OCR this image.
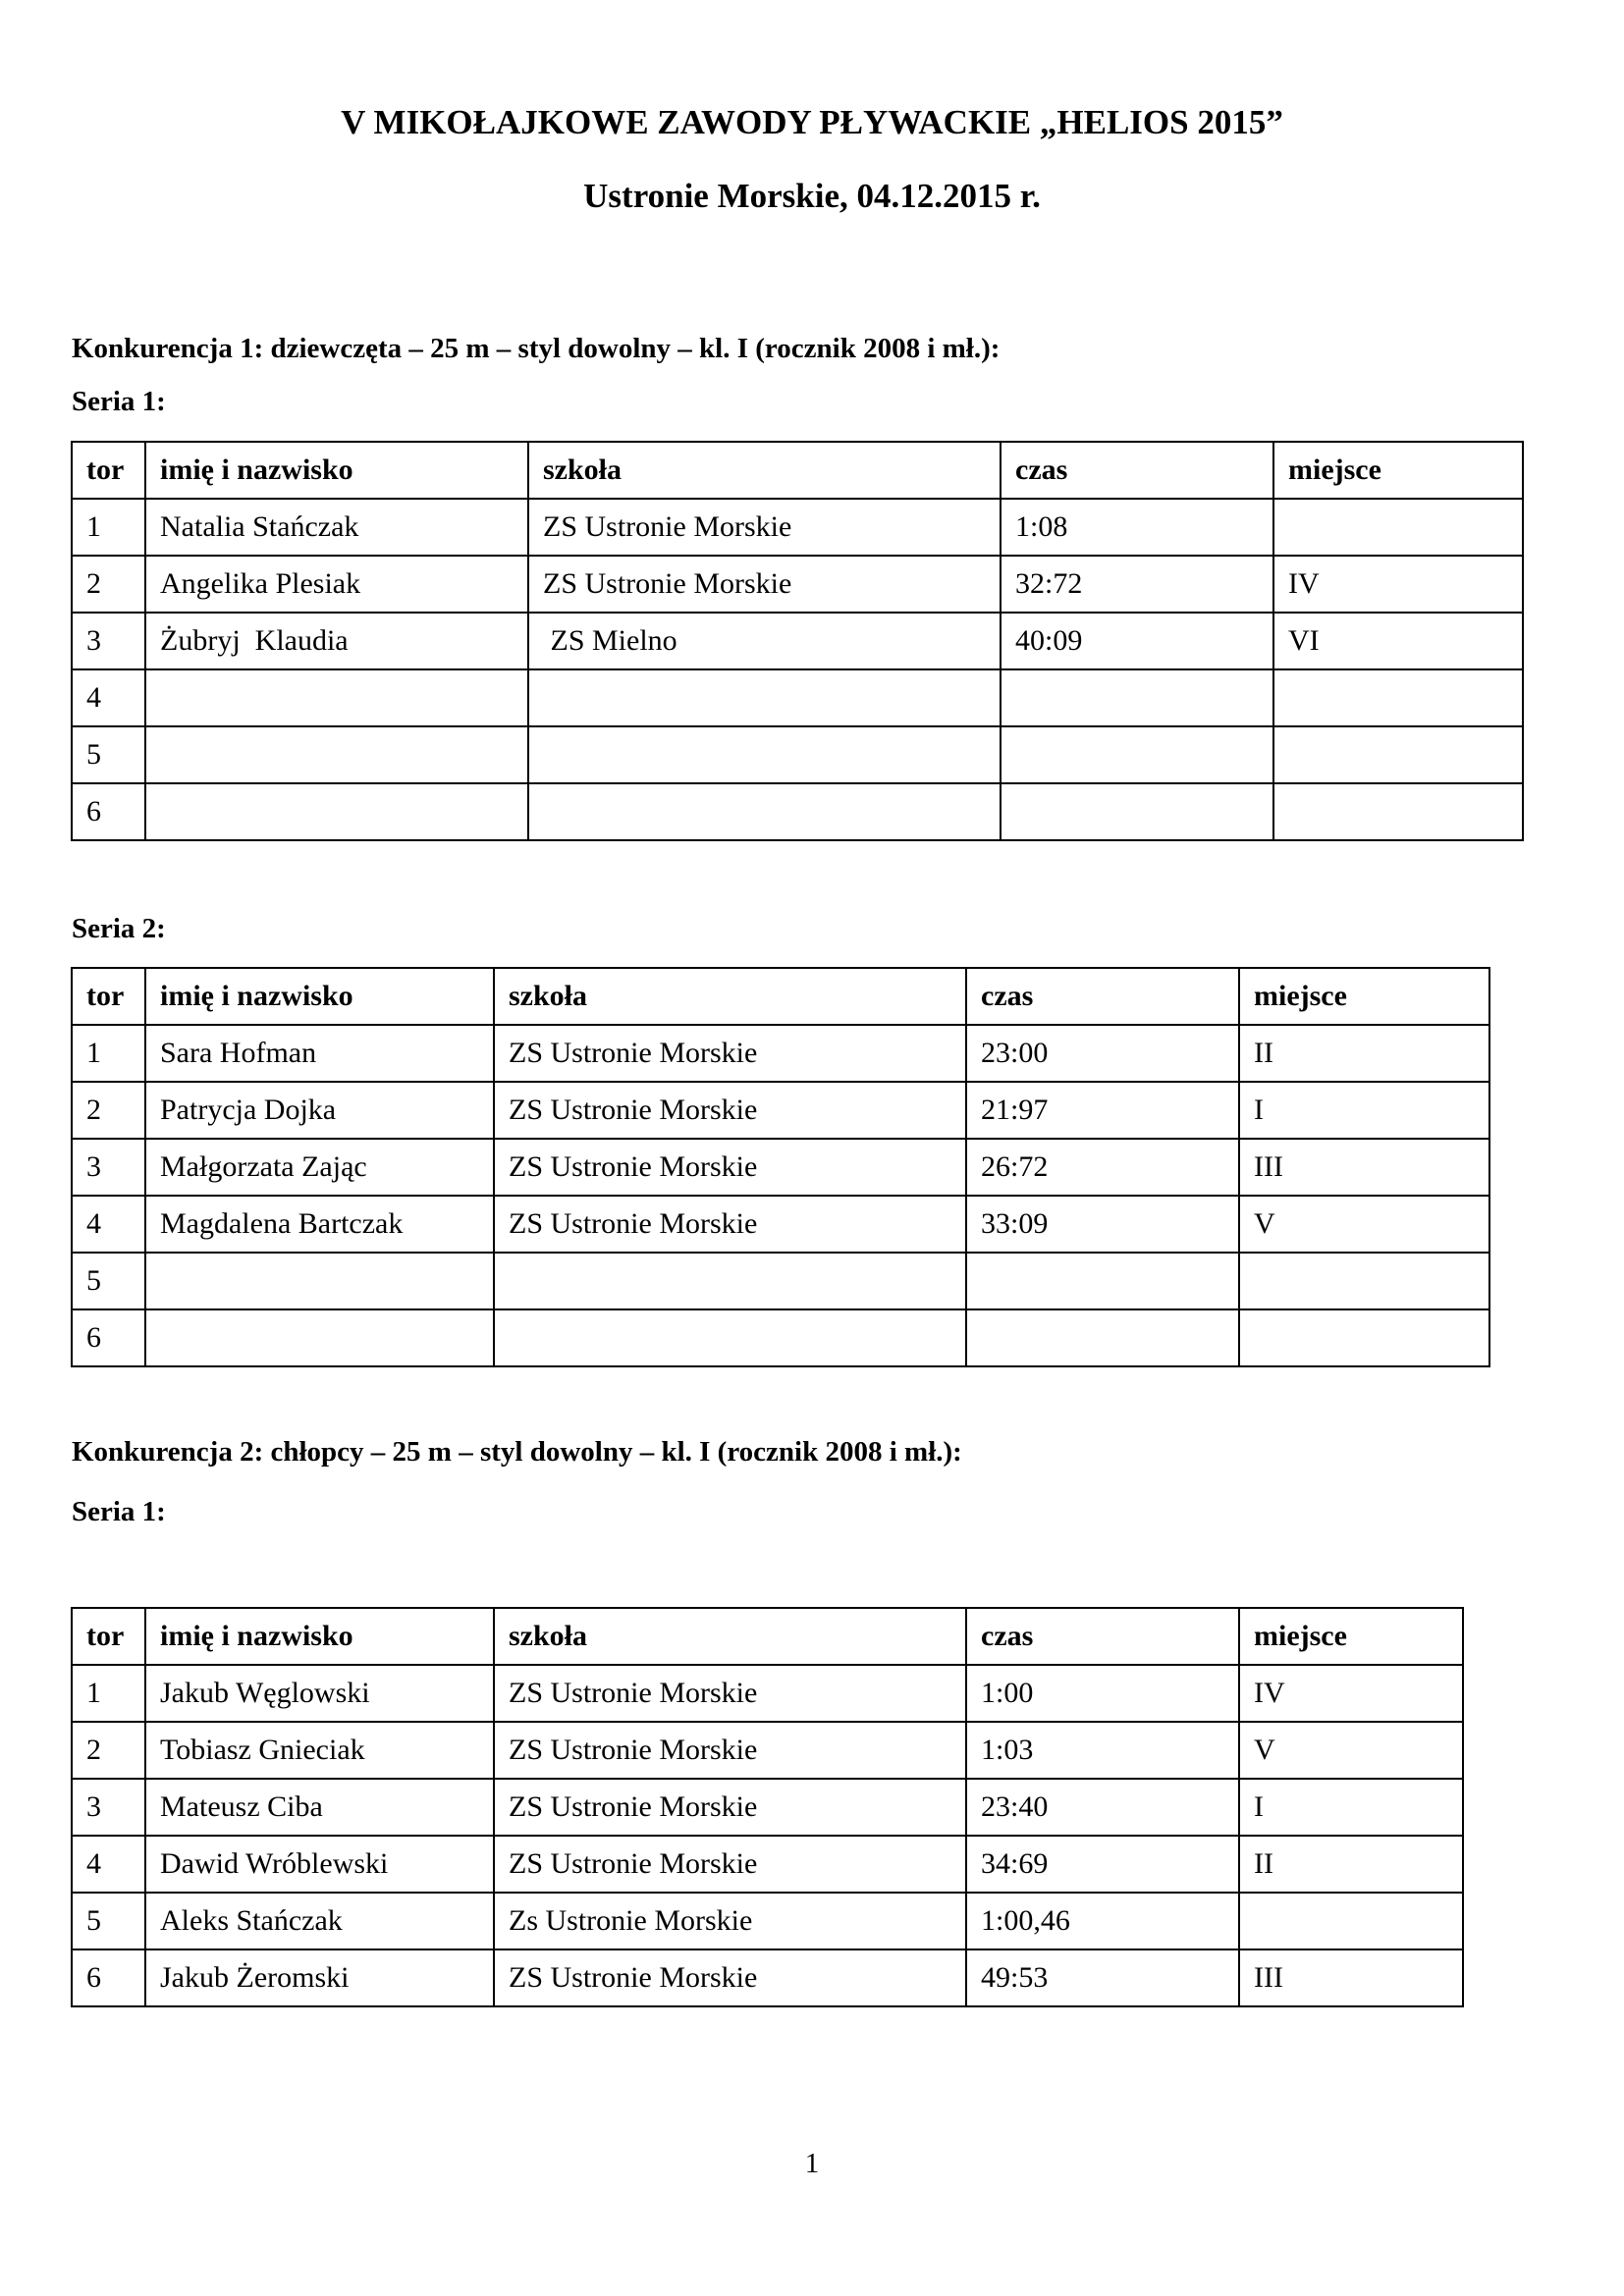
V MIKOŁAJKOWE ZAWODY PŁYWACKIE „HELIOS 2015”
Ustronie Morskie, 04.12.2015 r.
Konkurencja 1: dziewczęta – 25 m – styl dowolny – kl. I (rocznik 2008 i mł.):
Seria 1:
tor	imię i nazwisko	szkoła	czas	miejsce
1	Natalia Stańczak	ZS Ustronie Morskie	1:08	
2	Angelika Plesiak	ZS Ustronie Morskie	32:72	IV
3	Żubryj  Klaudia	ZS Mielno	40:09	VI
4				
5				
6				
Seria 2:
tor	imię i nazwisko	szkoła	czas	miejsce
1	Sara Hofman	ZS Ustronie Morskie	23:00	II
2	Patrycja Dojka	ZS Ustronie Morskie	21:97	I
3	Małgorzata Zając	ZS Ustronie Morskie	26:72	III
4	Magdalena Bartczak	ZS Ustronie Morskie	33:09	V
5				
6				
Konkurencja 2: chłopcy – 25 m – styl dowolny – kl. I (rocznik 2008 i mł.):
Seria 1:
tor	imię i nazwisko	szkoła	czas	miejsce
1	Jakub Węglowski	ZS Ustronie Morskie	1:00	IV
2	Tobiasz Gnieciak	ZS Ustronie Morskie	1:03	V
3	Mateusz Ciba	ZS Ustronie Morskie	23:40	I
4	Dawid Wróblewski	ZS Ustronie Morskie	34:69	II
5	Aleks Stańczak	Zs Ustronie Morskie	1:00,46	
6	Jakub Żeromski	ZS Ustronie Morskie	49:53	III
1
